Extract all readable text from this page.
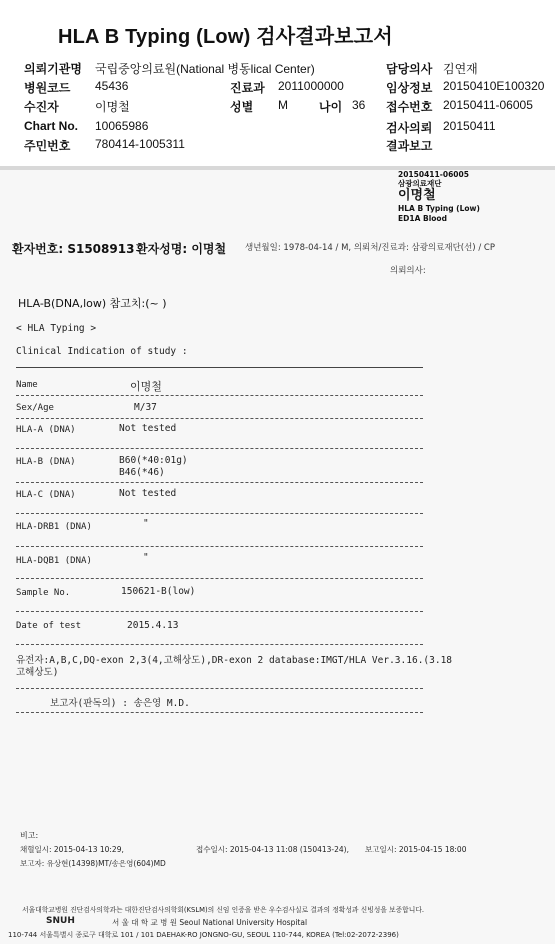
HLA B Typing (Low) 검사결과보고서
의뢰기관명 국립중앙의료원(National 병동lical Center)	담당의사 김연재
병원코드 45436	진료과 2011000000	임상정보 20150410E100320
수진자	이명철	성별 M	나이 36 접수번호 20150411-06005
Chart No. 10065986	검사의뢰 20150411
주민번호 780414-1005311	결과보고
20150411-06005
삼광의료재단
이명철
HLA B Typing (Low)
ED1A Blood
환자번호: S1508913 환자성명: 이명철 생년월일: 1978-04-14 / M, 의뢰처/진료과: 삼광의료재단(선) / CP
의뢰의사:
HLA-B(DNA,low) 참고치:(~ )
< HLA Typing >
Clinical Indication of study :
Name	이명철
Sex/Age	M/37
HLA-A (DNA)	Not tested
HLA-B (DNA)	B60(*40:01g)
B46(*46)
HLA-C (DNA)	Not tested
HLA-DRB1 (DNA)	"
HLA-DQB1 (DNA)	"
Sample No.	150621-B(low)
Date of test	2015.4.13
유전자:A,B,C,DQ-exon 2,3(4,고해상도),DR-exon 2 database:IMGT/HLA Ver.3.16.(3.18
고해상도)
보고자(판독의) : 송은영 M.D.
비고:
채혈일시: 2015-04-13 10:29,	접수일시: 2015-04-13 11:08 (150413-24), 보고일시: 2015-04-15 18:00
보고자: 유상현(14398)MT/송은영(604)MD
서울대학교병원 진단검사의학과는 대한진단검사의학회(KSLM)의 신임 인증을 받은 우수검사실로 결과의 정확성과 신빙성을 보증합니다.
SNUH	서 울 대 학 교 병 원 Seoul National University Hospital
110-744 서울특별시 종로구 대학로 101 / 101 DAEHAK-RO JONGNO-GU, SEOUL 110-744, KOREA (Tel:02-2072-2396)
